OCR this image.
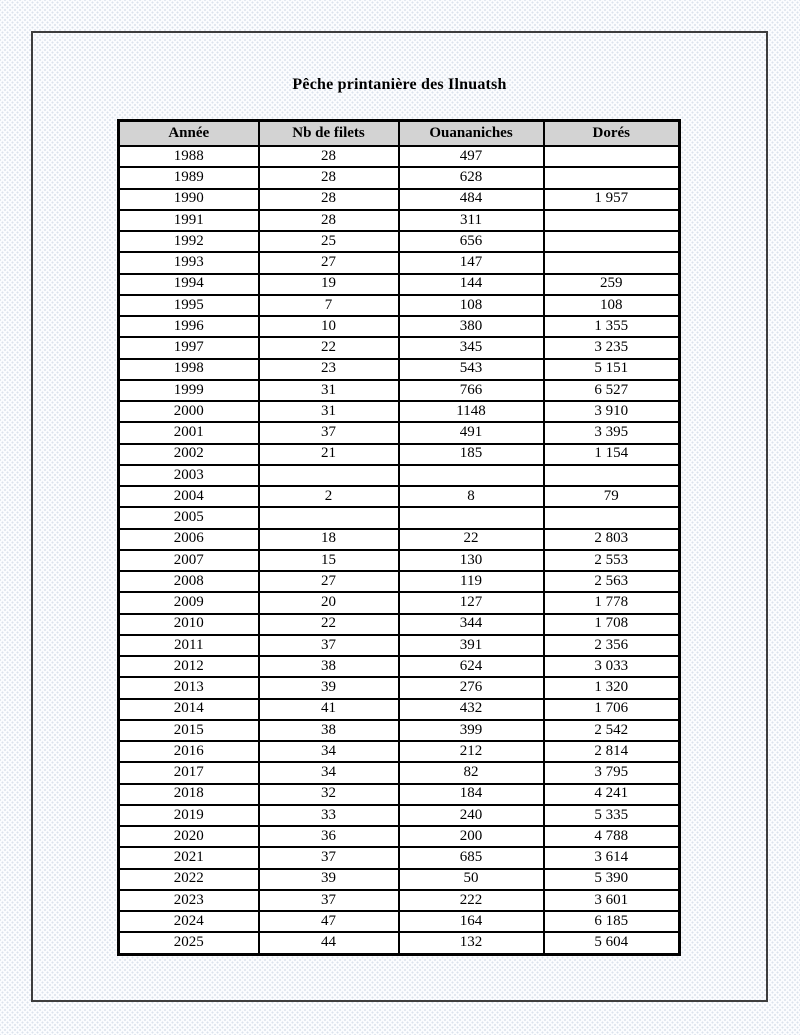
Pêche printanière des Ilnuatsh
Année	Nb de filets	Ouananiches	Dorés
1988	28	497	
1989	28	628	
1990	28	484	1 957
1991	28	311	
1992	25	656	
1993	27	147	
1994	19	144	259
1995	7	108	108
1996	10	380	1 355
1997	22	345	3 235
1998	23	543	5 151
1999	31	766	6 527
2000	31	1148	3 910
2001	37	491	3 395
2002	21	185	1 154
2003			
2004	2	8	79
2005			
2006	18	22	2 803
2007	15	130	2 553
2008	27	119	2 563
2009	20	127	1 778
2010	22	344	1 708
2011	37	391	2 356
2012	38	624	3 033
2013	39	276	1 320
2014	41	432	1 706
2015	38	399	2 542
2016	34	212	2 814
2017	34	82	3 795
2018	32	184	4 241
2019	33	240	5 335
2020	36	200	4 788
2021	37	685	3 614
2022	39	50	5 390
2023	37	222	3 601
2024	47	164	6 185
2025	44	132	5 604
